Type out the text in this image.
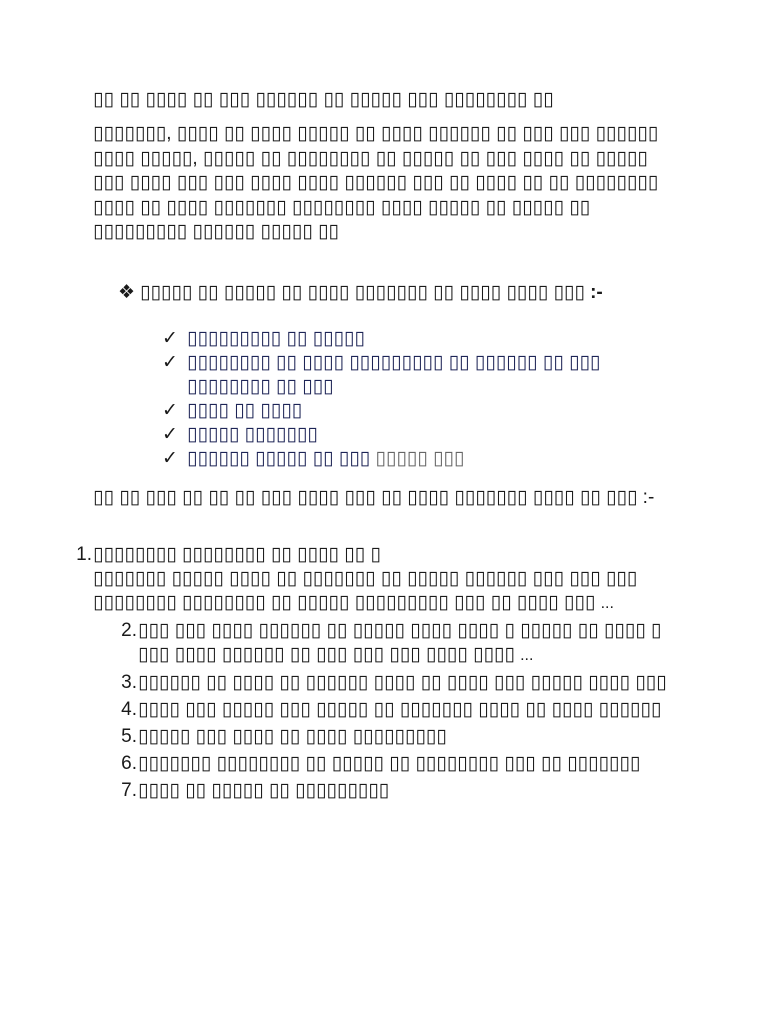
▯▯ ▯▯ ▯▯▯▯ ▯▯ ▯▯▯ ▯▯▯▯▯▯ ▯▯ ▯▯▯▯▯ ▯▯▯ ▯▯▯▯▯▯▯▯ ▯▯

▯▯▯▯▯▯▯, ▯▯▯▯ ▯▯ ▯▯▯▯ ▯▯▯▯▯ ▯▯ ▯▯▯▯ ▯▯▯▯▯▯ ▯▯ ▯▯▯ ▯▯▯ ▯▯▯▯▯▯ ▯▯▯▯ ▯▯▯▯▯, ▯▯▯▯▯ ▯▯ ▯▯▯▯▯▯▯▯ ▯▯ ▯▯▯▯▯ ▯▯ ▯▯▯ ▯▯▯▯ ▯▯ ▯▯▯▯▯ ▯▯▯ ▯▯▯▯ ▯▯▯ ▯▯▯ ▯▯▯▯ ▯▯▯▯ ▯▯▯▯▯▯ ▯▯▯ ▯▯ ▯▯▯▯ ▯▯ ▯▯ ▯▯▯▯▯▯▯▯ ▯▯▯▯ ▯▯ ▯▯▯▯ ▯▯▯▯▯▯▯ ▯▯▯▯▯▯▯▯ ▯▯▯▯ ▯▯▯▯▯ ▯▯ ▯▯▯▯▯ ▯▯ ▯▯▯▯▯▯▯▯▯ ▯▯▯▯▯▯ ▯▯▯▯▯ ▯▯

❖ ▯▯▯▯▯ ▯▯ ▯▯▯▯▯ ▯▯ ▯▯▯▯ ▯▯▯▯▯▯▯ ▯▯ ▯▯▯▯ ▯▯▯▯ ▯▯▯ :-
✓ ▯▯▯▯▯▯▯▯▯ ▯▯ ▯▯▯▯▯
✓ ▯▯▯▯▯▯▯▯ ▯▯ ▯▯▯▯ ▯▯▯▯▯▯▯▯▯ ▯▯ ▯▯▯▯▯▯ ▯▯ ▯▯▯ ▯▯▯▯▯▯▯▯ ▯▯ ▯▯▯
✓ ▯▯▯▯ ▯▯ ▯▯▯▯
✓ ▯▯▯▯▯ ▯▯▯▯▯▯▯
✓ ▯▯▯▯▯▯ ▯▯▯▯▯ ▯▯ ▯▯▯ ▯▯▯▯▯ ▯▯▯

▯▯ ▯▯ ▯▯▯ ▯▯ ▯▯ ▯▯ ▯▯▯ ▯▯▯▯ ▯▯▯ ▯▯ ▯▯▯▯ ▯▯▯▯▯▯▯ ▯▯▯▯ ▯▯ ▯▯▯ :-

1. ▯▯▯▯▯▯▯▯ ▯▯▯▯▯▯▯▯ ▯▯ ▯▯▯▯ ▯▯ ▯
▯▯▯▯▯▯▯ ▯▯▯▯▯ ▯▯▯▯ ▯▯ ▯▯▯▯▯▯▯ ▯▯ ▯▯▯▯▯ ▯▯▯▯▯▯ ▯▯▯ ▯▯▯ ▯▯▯ ▯▯▯▯▯▯▯▯ ▯▯▯▯▯▯▯▯ ▯▯ ▯▯▯▯▯ ▯▯▯▯▯▯▯▯▯ ▯▯▯ ▯▯ ▯▯▯▯ ▯▯▯ ...
2. ▯▯▯ ▯▯▯ ▯▯▯▯ ▯▯▯▯▯▯ ▯▯ ▯▯▯▯▯ ▯▯▯▯ ▯▯▯▯ ▯ ▯▯▯▯▯ ▯▯ ▯▯▯▯ ▯ ▯▯▯ ▯▯▯▯ ▯▯▯▯▯▯ ▯▯ ▯▯▯ ▯▯▯ ▯▯▯ ▯▯▯▯ ▯▯▯▯ ...
3. ▯▯▯▯▯▯ ▯▯ ▯▯▯▯ ▯▯ ▯▯▯▯▯▯ ▯▯▯▯ ▯▯ ▯▯▯▯ ▯▯▯ ▯▯▯▯▯ ▯▯▯▯ ▯▯▯
4. ▯▯▯▯ ▯▯▯ ▯▯▯▯▯ ▯▯▯ ▯▯▯▯▯ ▯▯ ▯▯▯▯▯▯▯ ▯▯▯▯ ▯▯ ▯▯▯▯ ▯▯▯▯▯▯
5. ▯▯▯▯▯ ▯▯▯ ▯▯▯▯ ▯▯ ▯▯▯▯ ▯▯▯▯▯▯▯▯▯
6. ▯▯▯▯▯▯▯ ▯▯▯▯▯▯▯▯ ▯▯ ▯▯▯▯▯ ▯▯ ▯▯▯▯▯▯▯▯ ▯▯▯ ▯▯ ▯▯▯▯▯▯▯
7. ▯▯▯▯ ▯▯ ▯▯▯▯▯ ▯▯ ▯▯▯▯▯▯▯▯▯
